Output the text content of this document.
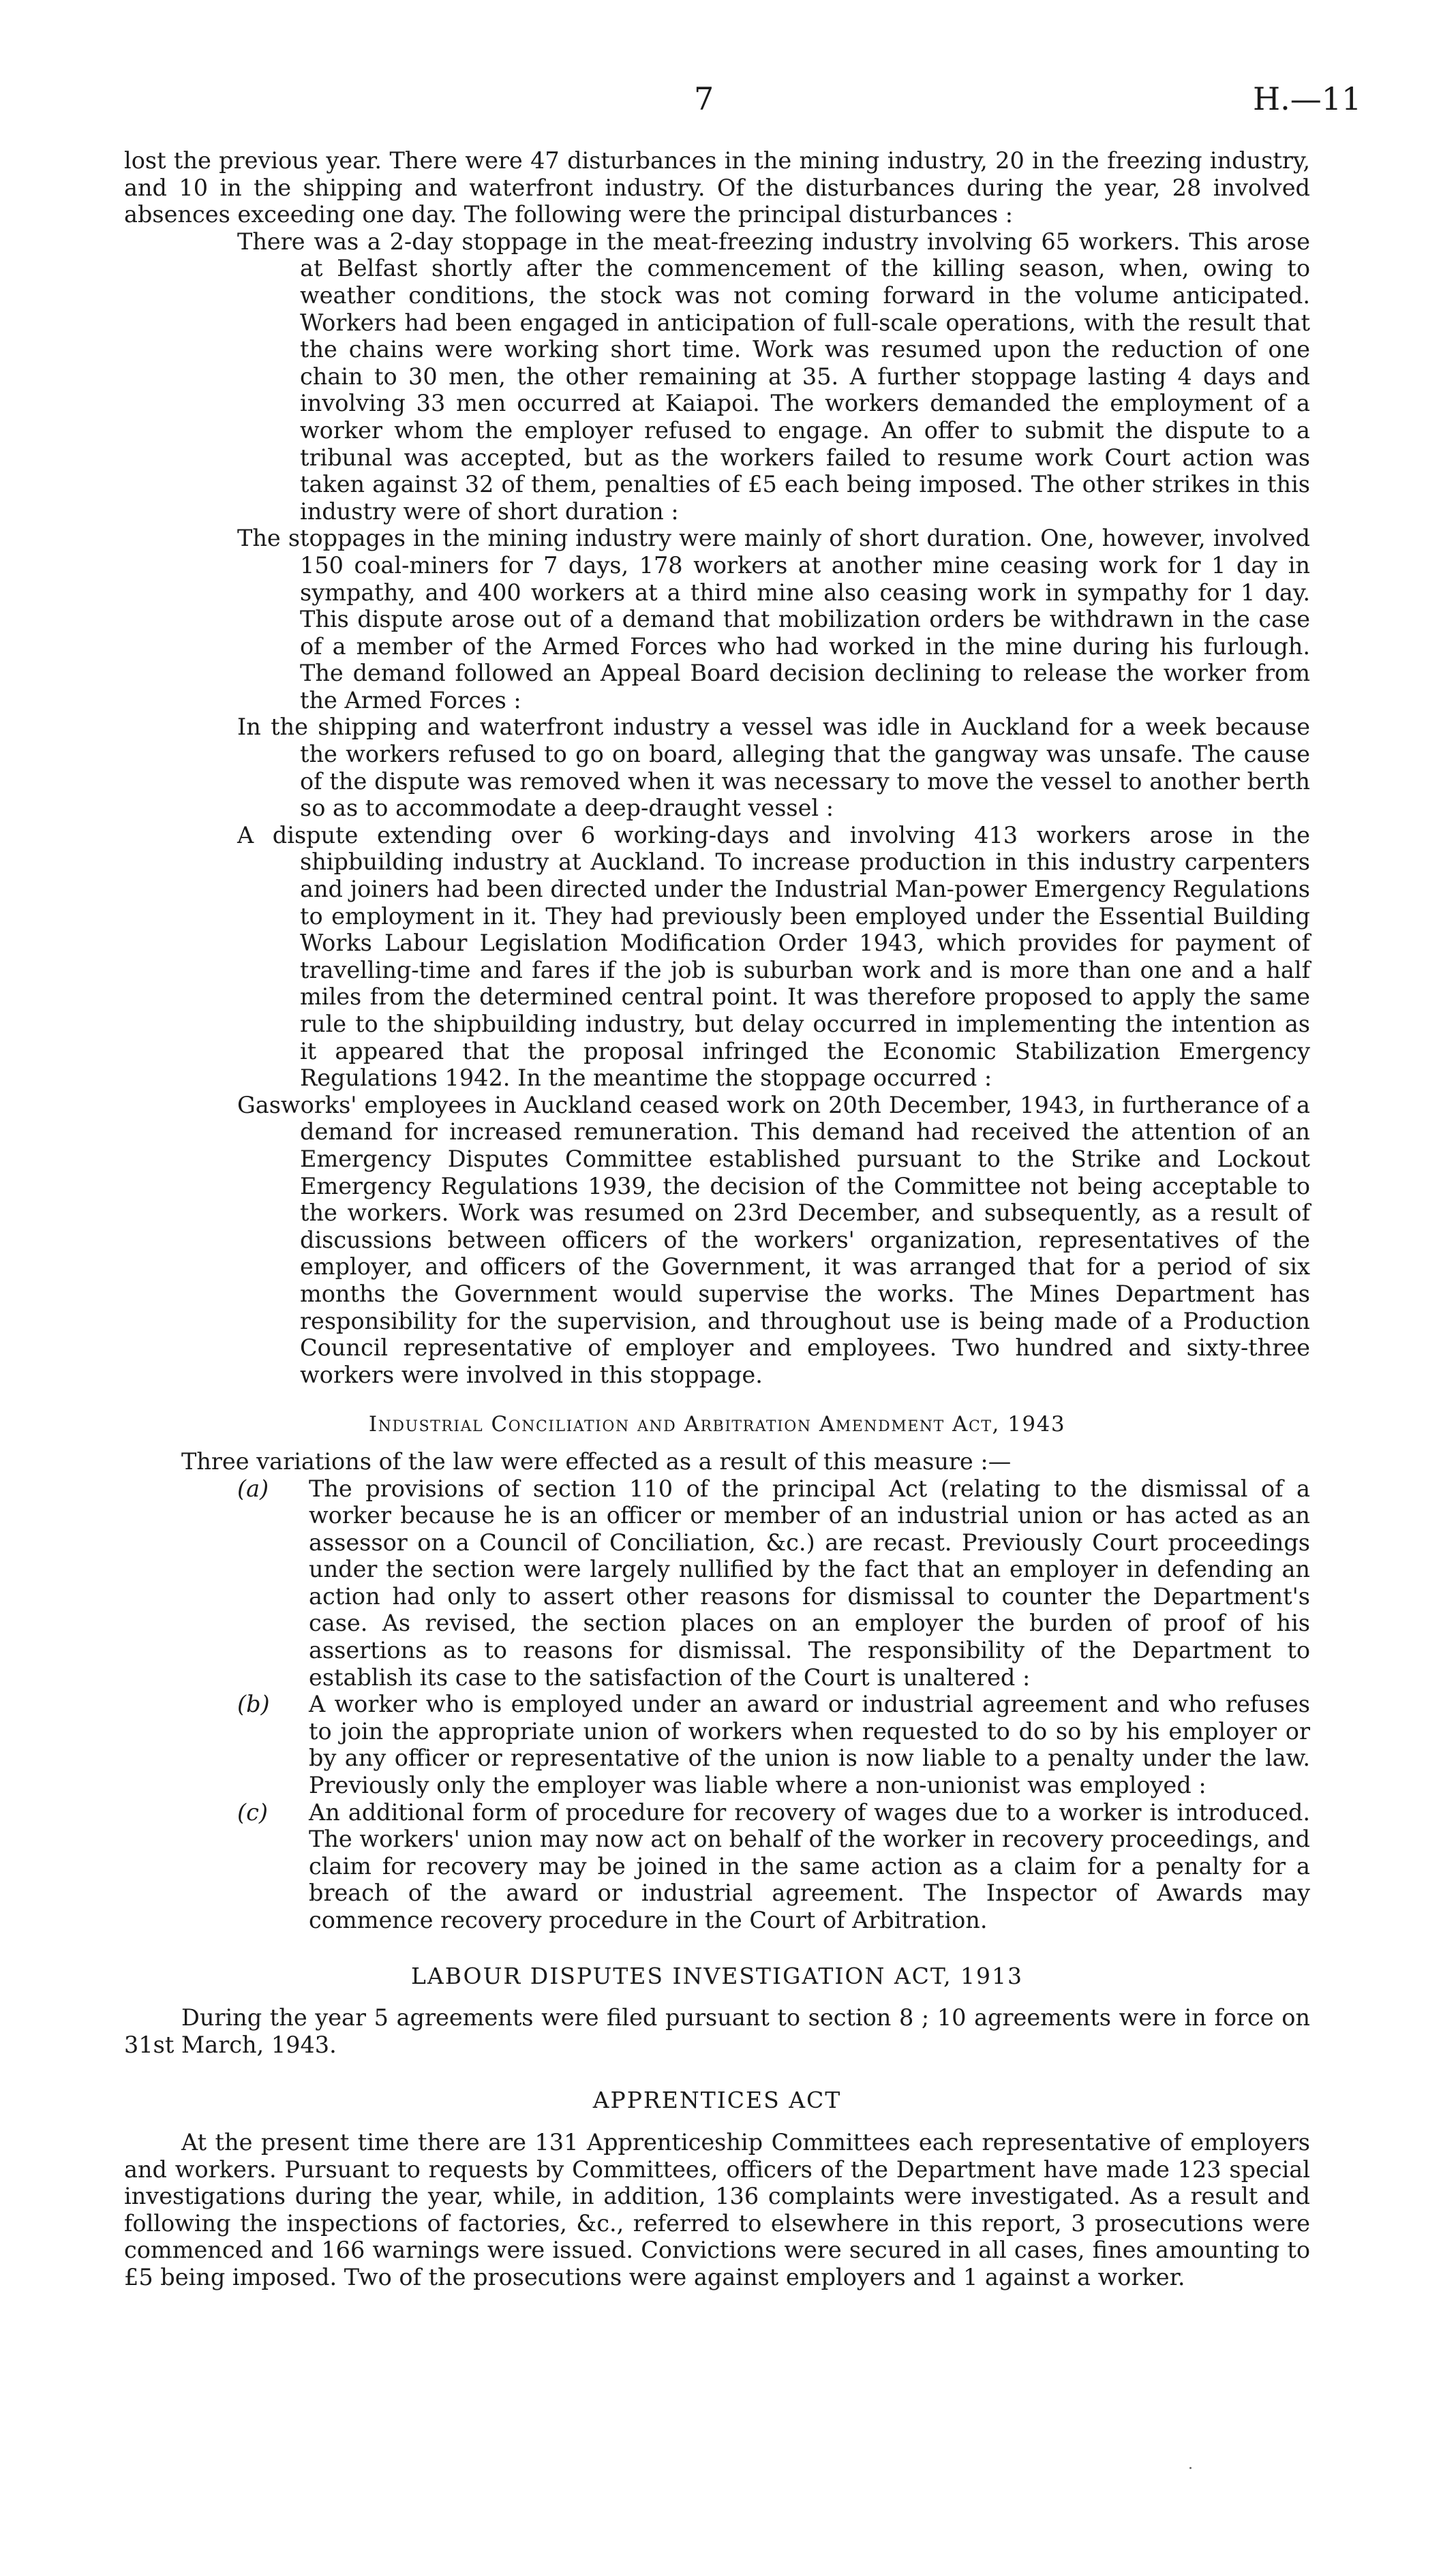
7	H.—11

lost the previous year. There were 47 disturbances in the mining industry, 20 in the freezing industry, and 10 in the shipping and waterfront industry. Of the disturbances during the year, 28 involved absences exceeding one day. The following were the principal disturbances :

There was a 2-day stoppage in the meat-freezing industry involving 65 workers. This arose at Belfast shortly after the commencement of the killing season, when, owing to weather conditions, the stock was not coming forward in the volume anticipated. Workers had been engaged in anticipation of full-scale operations, with the result that the chains were working short time. Work was resumed upon the reduction of one chain to 30 men, the other remaining at 35. A further stoppage lasting 4 days and involving 33 men occurred at Kaiapoi. The workers demanded the employment of a worker whom the employer refused to engage. An offer to submit the dispute to a tribunal was accepted, but as the workers failed to resume work Court action was taken against 32 of them, penalties of £5 each being imposed. The other strikes in this industry were of short duration :

The stoppages in the mining industry were mainly of short duration. One, however, involved 150 coal-miners for 7 days, 178 workers at another mine ceasing work for 1 day in sympathy, and 400 workers at a third mine also ceasing work in sympathy for 1 day. This dispute arose out of a demand that mobilization orders be withdrawn in the case of a member of the Armed Forces who had worked in the mine during his furlough. The demand followed an Appeal Board decision declining to release the worker from the Armed Forces :

In the shipping and waterfront industry a vessel was idle in Auckland for a week because the workers refused to go on board, alleging that the gangway was unsafe. The cause of the dispute was removed when it was necessary to move the vessel to another berth so as to accommodate a deep-draught vessel :

A dispute extending over 6 working-days and involving 413 workers arose in the shipbuilding industry at Auckland. To increase production in this industry carpenters and joiners had been directed under the Industrial Man-power Emergency Regulations to employment in it. They had previously been employed under the Essential Building Works Labour Legislation Modification Order 1943, which provides for payment of travelling-time and fares if the job is suburban work and is more than one and a half miles from the determined central point. It was therefore proposed to apply the same rule to the shipbuilding industry, but delay occurred in implementing the intention as it appeared that the proposal infringed the Economic Stabilization Emergency Regulations 1942. In the meantime the stoppage occurred :

Gasworks' employees in Auckland ceased work on 20th December, 1943, in furtherance of a demand for increased remuneration. This demand had received the attention of an Emergency Disputes Committee established pursuant to the Strike and Lockout Emergency Regulations 1939, the decision of the Committee not being acceptable to the workers. Work was resumed on 23rd December, and subsequently, as a result of discussions between officers of the workers' organization, representatives of the employer, and officers of the Government, it was arranged that for a period of six months the Government would supervise the works. The Mines Department has responsibility for the supervision, and throughout use is being made of a Production Council representative of employer and employees. Two hundred and sixty-three workers were involved in this stoppage.

Industrial Conciliation and Arbitration Amendment Act, 1943

Three variations of the law were effected as a result of this measure :—

(a) The provisions of section 110 of the principal Act (relating to the dismissal of a worker because he is an officer or member of an industrial union or has acted as an assessor on a Council of Conciliation, &c.) are recast. Previously Court proceedings under the section were largely nullified by the fact that an employer in defending an action had only to assert other reasons for dismissal to counter the Department's case. As revised, the section places on an employer the burden of proof of his assertions as to reasons for dismissal. The responsibility of the Department to establish its case to the satisfaction of the Court is unaltered :
(b) A worker who is employed under an award or industrial agreement and who refuses to join the appropriate union of workers when requested to do so by his employer or by any officer or representative of the union is now liable to a penalty under the law. Previously only the employer was liable where a non-unionist was employed :
(c) An additional form of procedure for recovery of wages due to a worker is introduced. The workers' union may now act on behalf of the worker in recovery proceedings, and claim for recovery may be joined in the same action as a claim for a penalty for a breach of the award or industrial agreement. The Inspector of Awards may commence recovery procedure in the Court of Arbitration.
LABOUR DISPUTES INVESTIGATION ACT, 1913

During the year 5 agreements were filed pursuant to section 8 ; 10 agreements were in force on 31st March, 1943.

APPRENTICES ACT

At the present time there are 131 Apprenticeship Committees each representative of employers and workers. Pursuant to requests by Committees, officers of the Department have made 123 special investigations during the year, while, in addition, 136 complaints were investigated. As a result and following the inspections of factories, &c., referred to elsewhere in this report, 3 prosecutions were commenced and 166 warnings were issued. Convictions were secured in all cases, fines amounting to £5 being imposed. Two of the prosecutions were against employers and 1 against a worker.
